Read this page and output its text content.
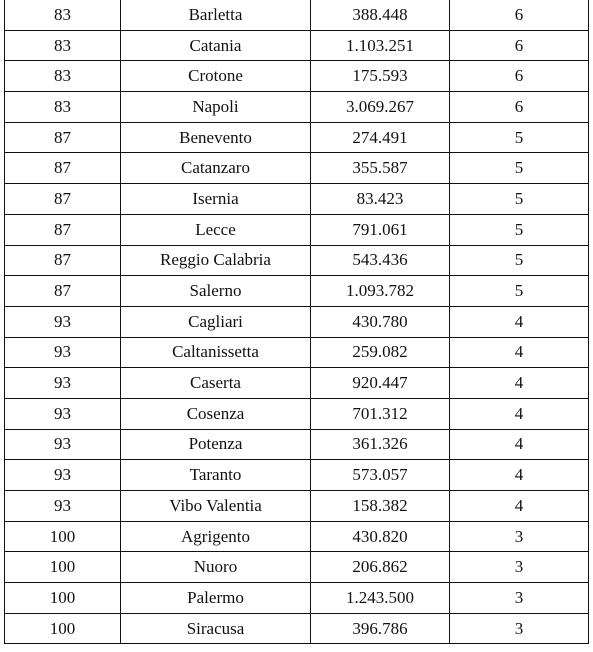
83	Barletta	388.448	6
83	Catania	1.103.251	6
83	Crotone	175.593	6
83	Napoli	3.069.267	6
87	Benevento	274.491	5
87	Catanzaro	355.587	5
87	Isernia	83.423	5
87	Lecce	791.061	5
87	Reggio Calabria	543.436	5
87	Salerno	1.093.782	5
93	Cagliari	430.780	4
93	Caltanissetta	259.082	4
93	Caserta	920.447	4
93	Cosenza	701.312	4
93	Potenza	361.326	4
93	Taranto	573.057	4
93	Vibo Valentia	158.382	4
100	Agrigento	430.820	3
100	Nuoro	206.862	3
100	Palermo	1.243.500	3
100	Siracusa	396.786	3
